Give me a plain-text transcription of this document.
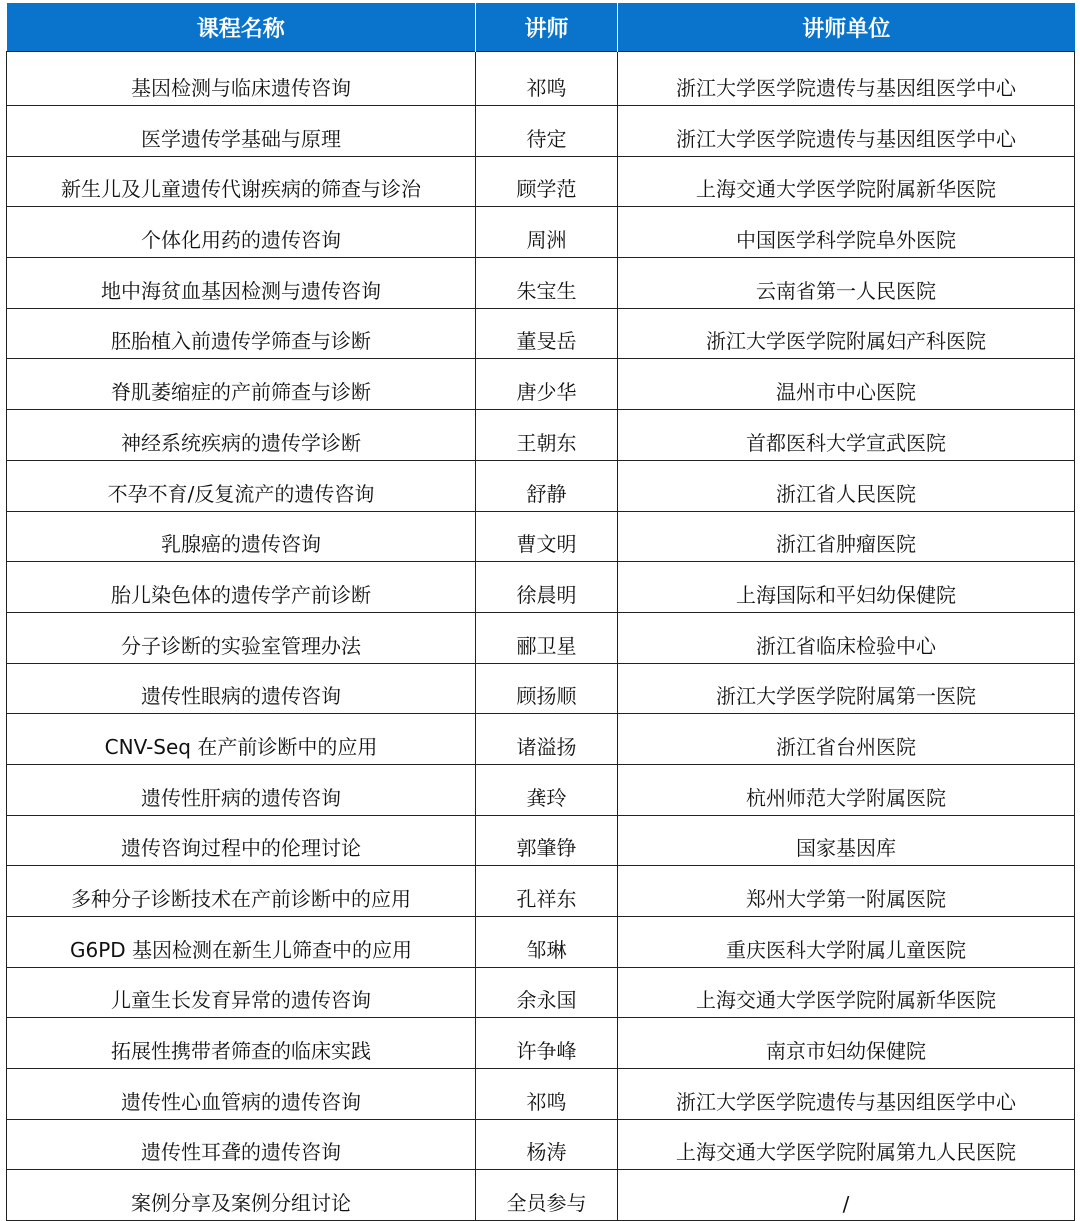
课程名称	讲师	讲师单位
基因检测与临床遗传咨询	祁鸣	浙江大学医学院遗传与基因组医学中心
医学遗传学基础与原理	待定	浙江大学医学院遗传与基因组医学中心
新生儿及儿童遗传代谢疾病的筛查与诊治	顾学范	上海交通大学医学院附属新华医院
个体化用药的遗传咨询	周洲	中国医学科学院阜外医院
地中海贫血基因检测与遗传咨询	朱宝生	云南省第一人民医院
胚胎植入前遗传学筛查与诊断	董旻岳	浙江大学医学院附属妇产科医院
脊肌萎缩症的产前筛查与诊断	唐少华	温州市中心医院
神经系统疾病的遗传学诊断	王朝东	首都医科大学宣武医院
不孕不育/反复流产的遗传咨询	舒静	浙江省人民医院
乳腺癌的遗传咨询	曹文明	浙江省肿瘤医院
胎儿染色体的遗传学产前诊断	徐晨明	上海国际和平妇幼保健院
分子诊断的实验室管理办法	郦卫星	浙江省临床检验中心
遗传性眼病的遗传咨询	顾扬顺	浙江大学医学院附属第一医院
CNV-Seq 在产前诊断中的应用	诸溢扬	浙江省台州医院
遗传性肝病的遗传咨询	龚玲	杭州师范大学附属医院
遗传咨询过程中的伦理讨论	郭肇铮	国家基因库
多种分子诊断技术在产前诊断中的应用	孔祥东	郑州大学第一附属医院
G6PD 基因检测在新生儿筛查中的应用	邹琳	重庆医科大学附属儿童医院
儿童生长发育异常的遗传咨询	余永国	上海交通大学医学院附属新华医院
拓展性携带者筛查的临床实践	许争峰	南京市妇幼保健院
遗传性心血管病的遗传咨询	祁鸣	浙江大学医学院遗传与基因组医学中心
遗传性耳聋的遗传咨询	杨涛	上海交通大学医学院附属第九人民医院
案例分享及案例分组讨论	全员参与	/
